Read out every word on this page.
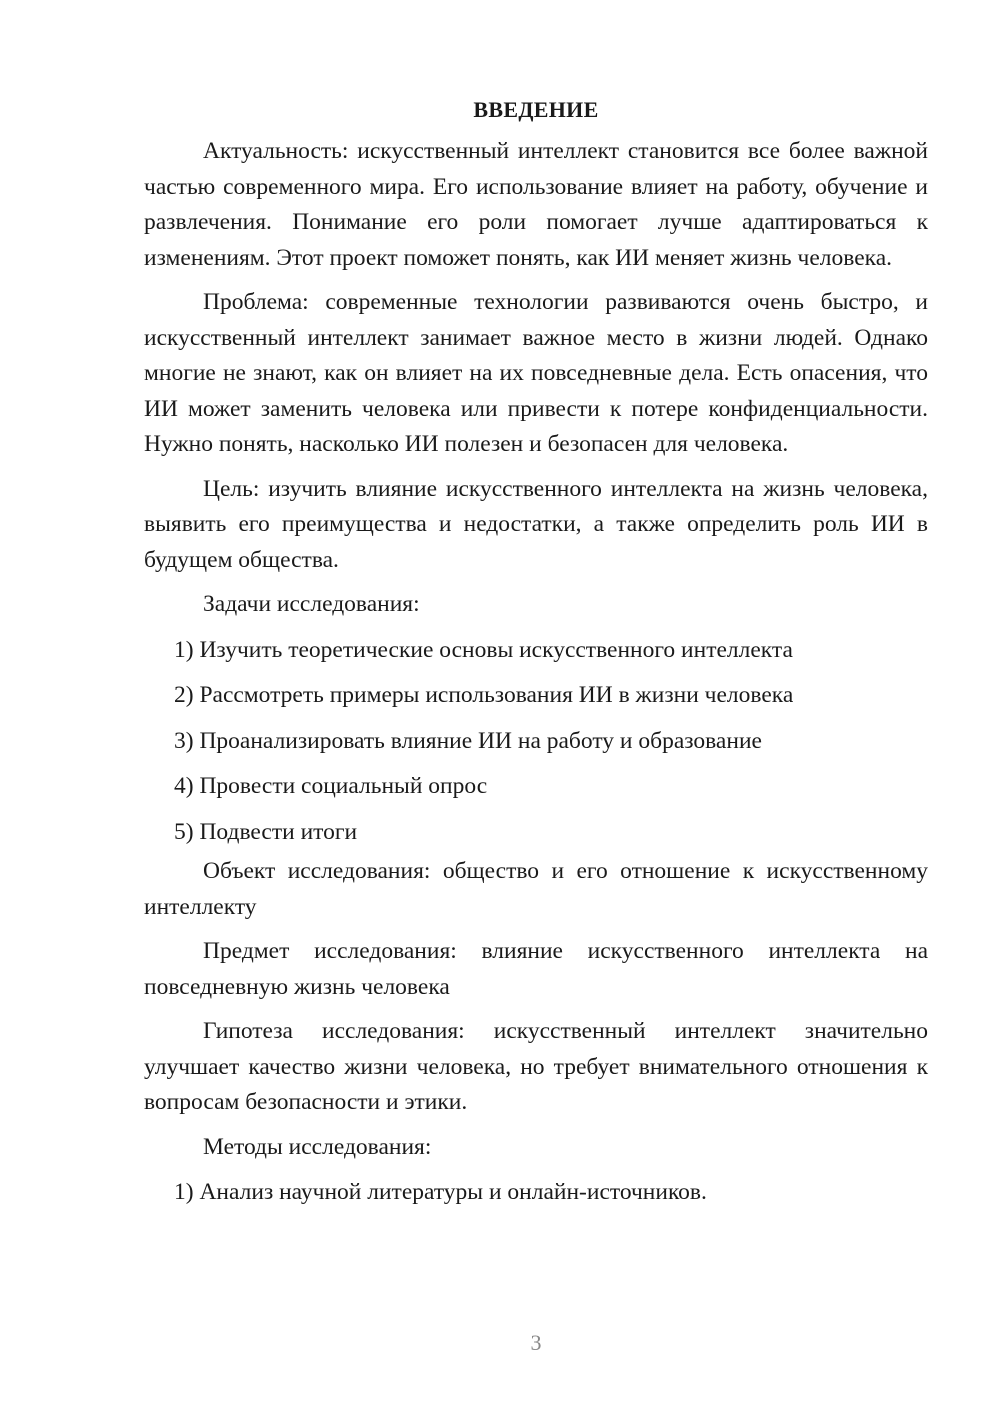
ВВЕДЕНИЕ

Актуальность: искусственный интеллект становится все более важной частью современного мира. Его использование влияет на работу, обучение и развлечения. Понимание его роли помогает лучше адаптироваться к изменениям. Этот проект поможет понять, как ИИ меняет жизнь человека.

Проблема: современные технологии развиваются очень быстро, и искусственный интеллект занимает важное место в жизни людей. Однако многие не знают, как он влияет на их повседневные дела. Есть опасения, что ИИ может заменить человека или привести к потере конфиденциальности. Нужно понять, насколько ИИ полезен и безопасен для человека.

Цель: изучить влияние искусственного интеллекта на жизнь человека, выявить его преимущества и недостатки, а также определить роль ИИ в будущем общества.

Задачи исследования:

1) Изучить теоретические основы искусственного интеллекта

2) Рассмотреть примеры использования ИИ в жизни человека

3) Проанализировать влияние ИИ на работу и образование

4) Провести социальный опрос

5) Подвести итоги

Объект исследования: общество и его отношение к искусственному интеллекту

Предмет исследования: влияние искусственного интеллекта на повседневную жизнь человека

Гипотеза исследования: искусственный интеллект значительно улучшает качество жизни человека, но требует внимательного отношения к вопросам безопасности и этики.

Методы исследования:

1) Анализ научной литературы и онлайн-источников.

3
